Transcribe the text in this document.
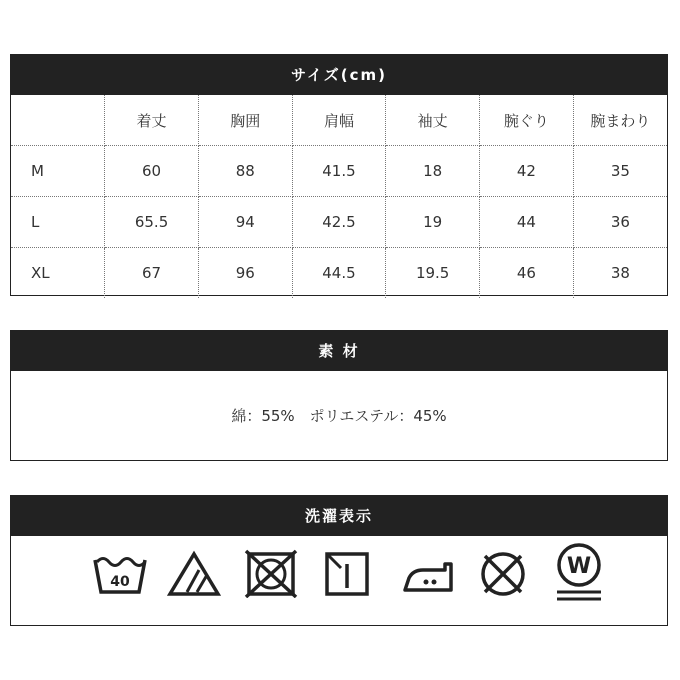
サイズ(cm)
	着丈	胸囲	肩幅	袖丈	腕ぐり	腕まわり
M	60	88	41.5	18	42	35
L	65.5	94	42.5	19	44	36
XL	67	96	44.5	19.5	46	38
素 材
綿：55%　ポリエステル：45%
洗濯表示
40
W
